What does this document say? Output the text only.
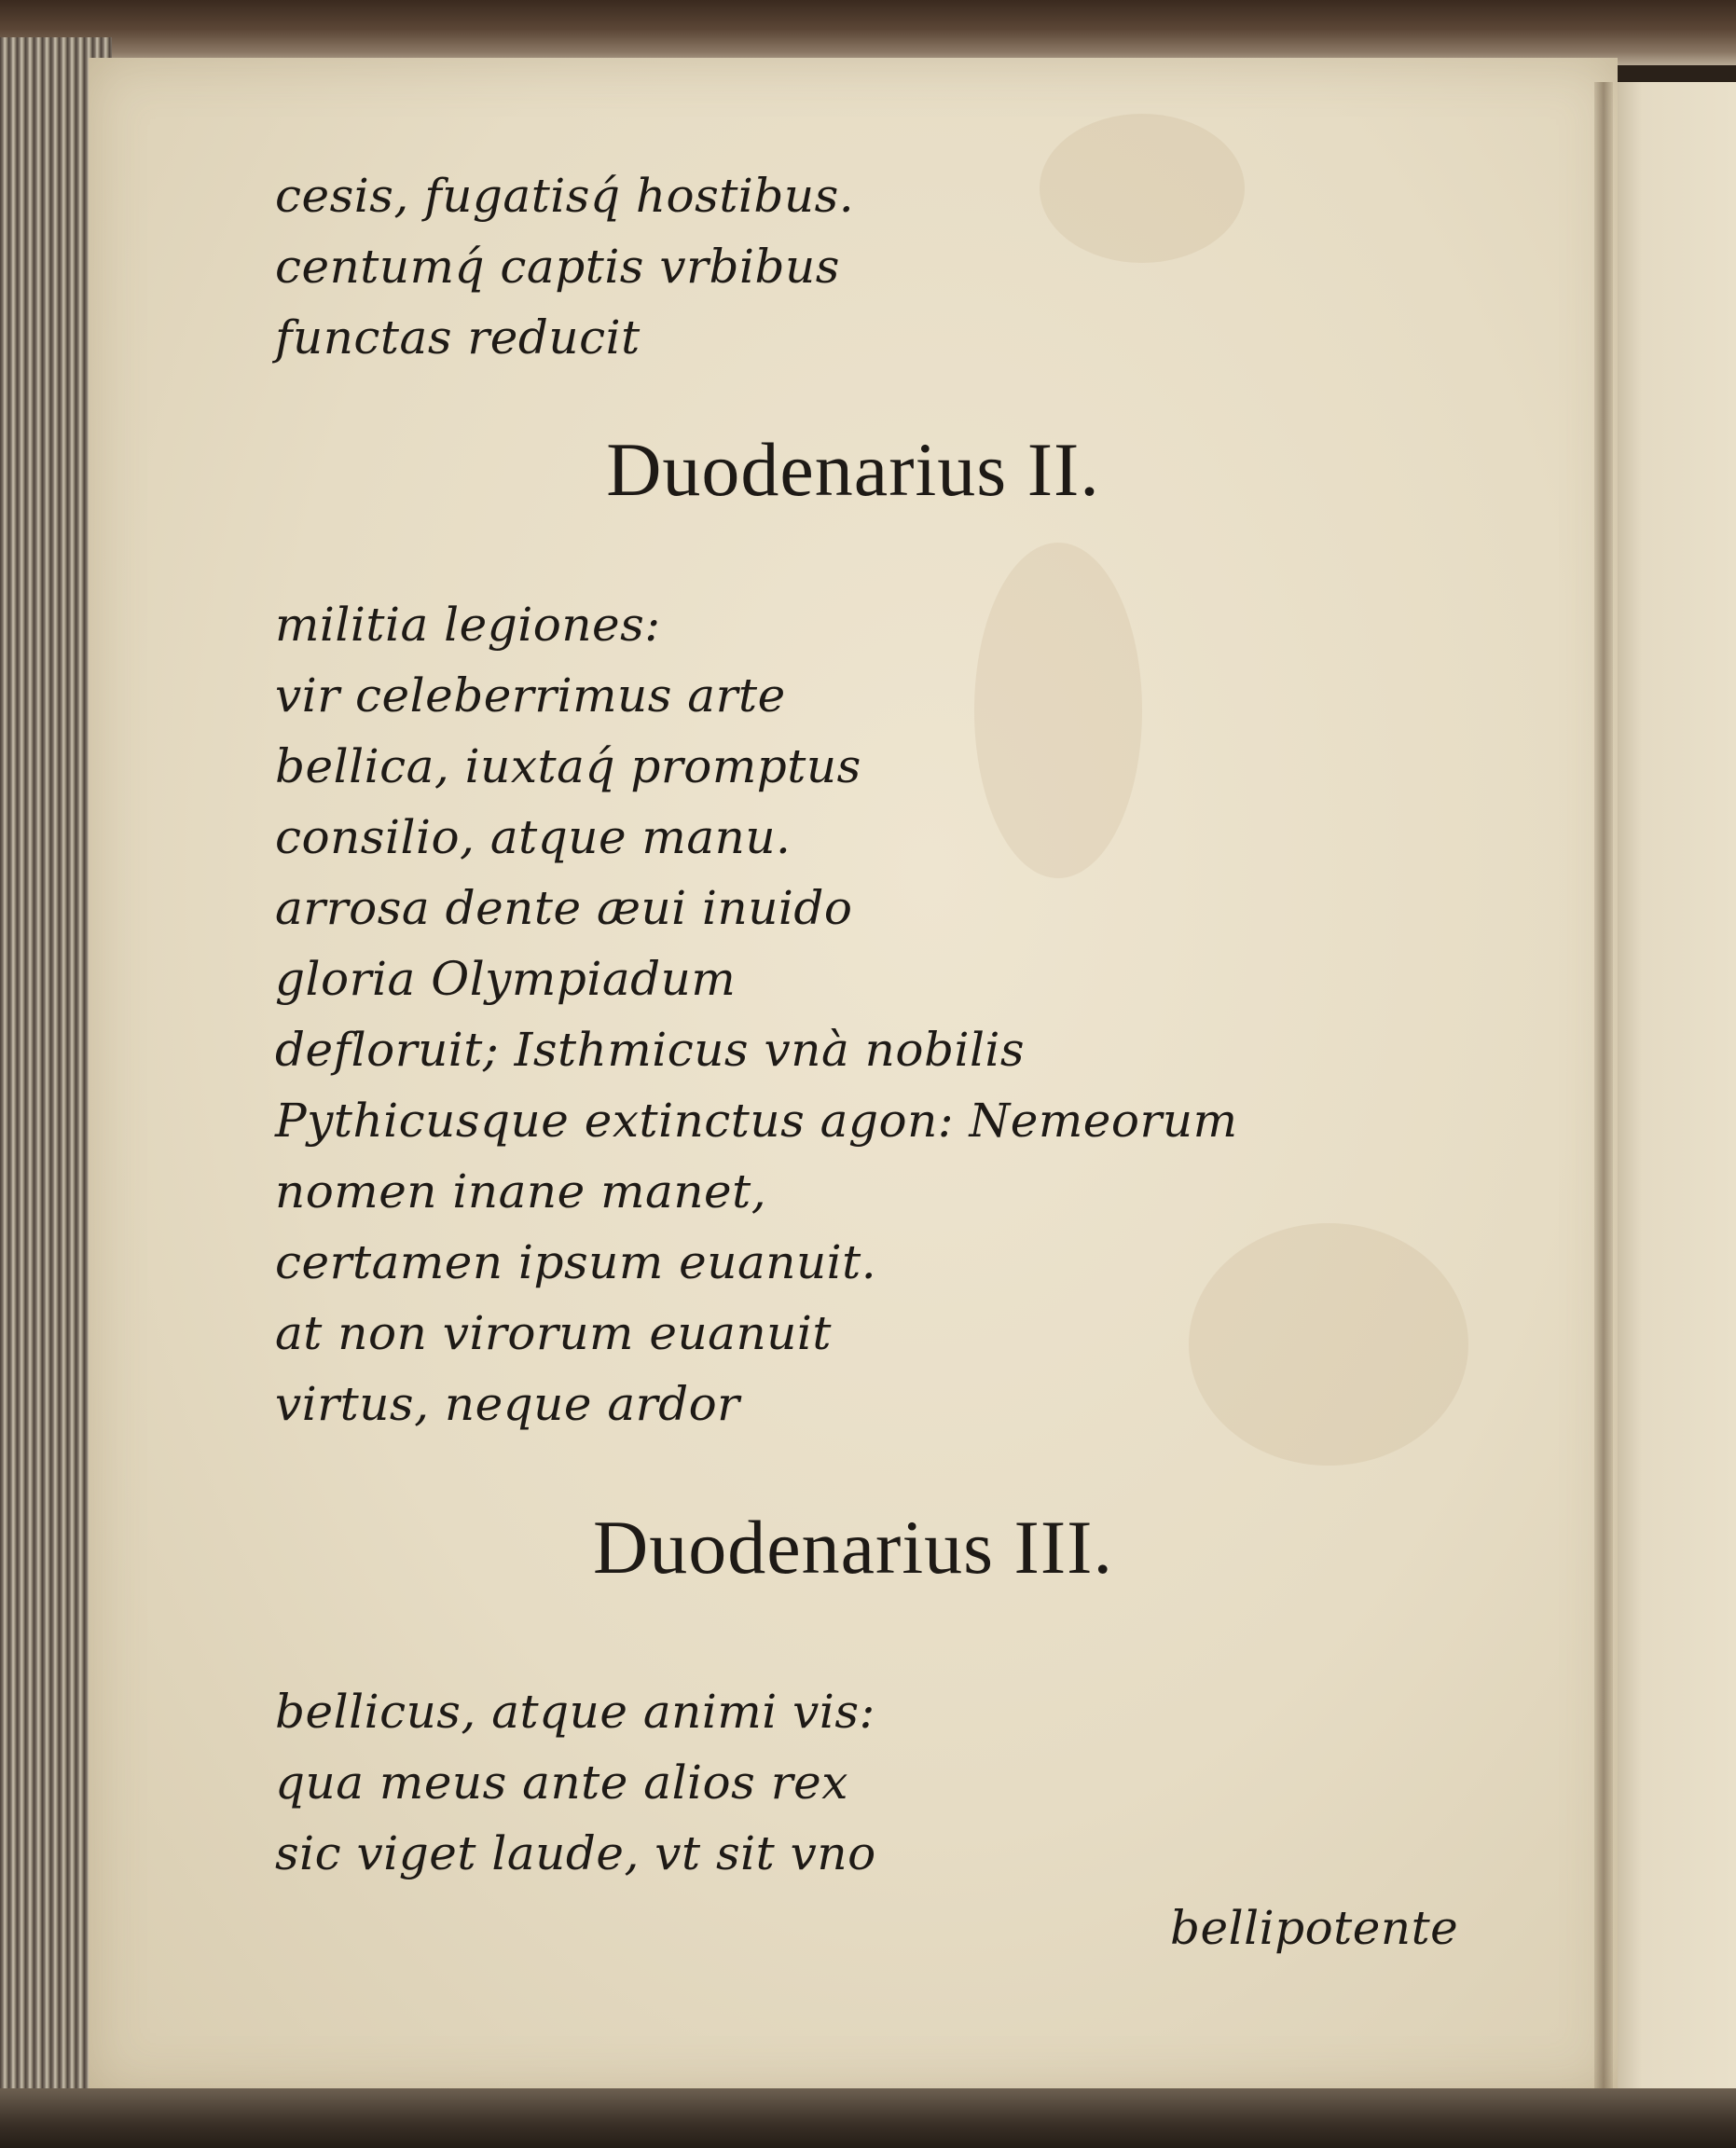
cesis, fugatisq́ hostibus.
centumq́ captis vrbibus
functas reducit
Duodenarius II.
militia legiones:
vir celeberrimus arte
bellica, iuxtaq́ promptus
consilio, atque manu.
arrosa dente æui inuido
gloria Olympiadum
defloruit; Isthmicus vnà nobilis
Pythicusque extinctus agon: Nemeorum
nomen inane manet,
certamen ipsum euanuit.
at non virorum euanuit
virtus, neque ardor
Duodenarius III.
bellicus, atque animi vis:
qua meus ante alios rex
sic viget laude, vt sit vno
bellipotente
